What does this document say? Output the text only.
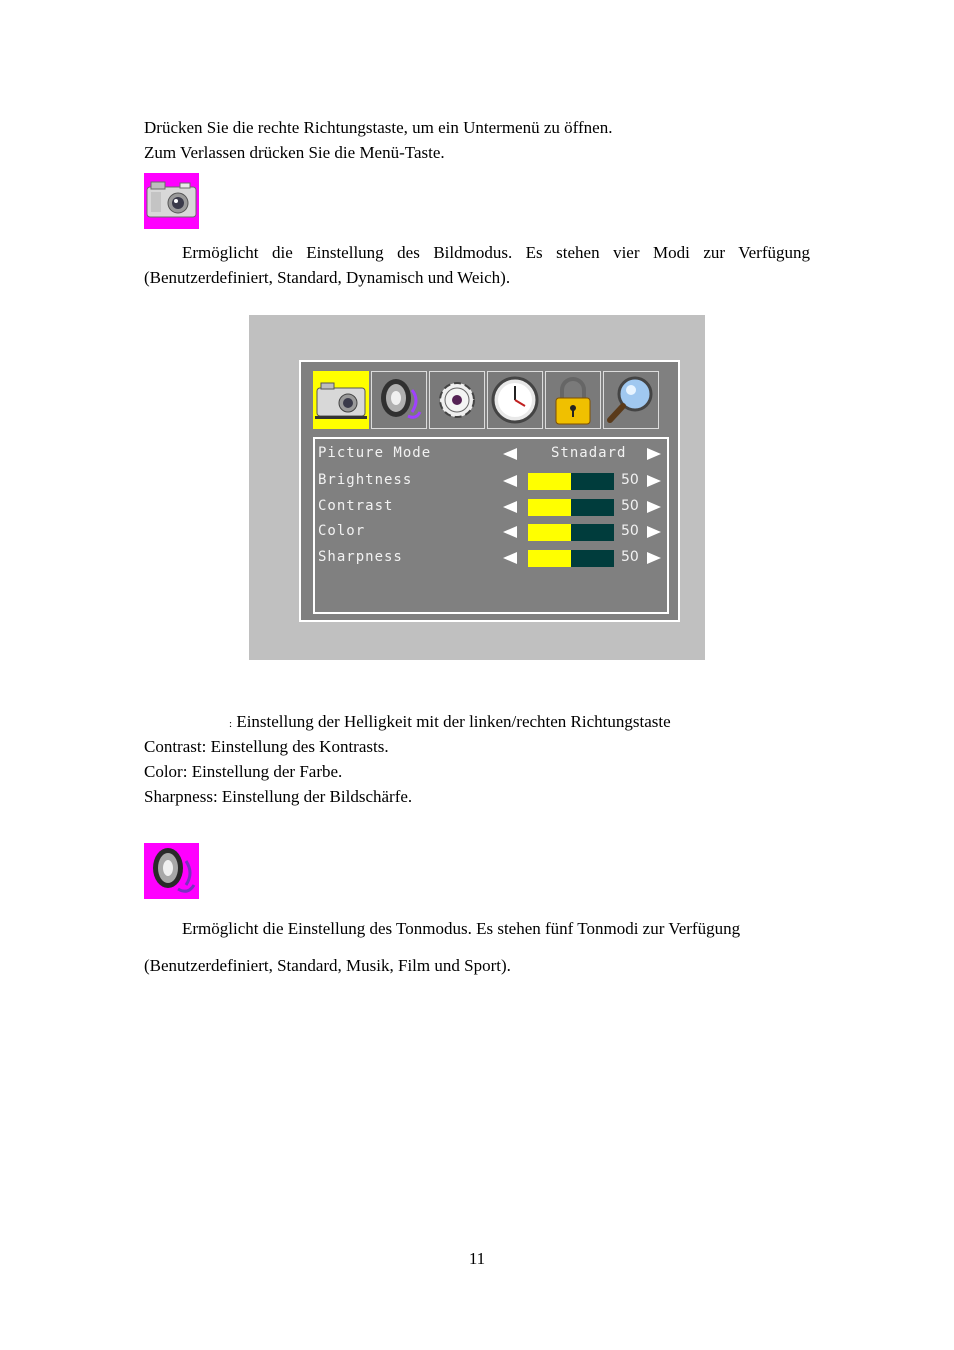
Drücken Sie die rechte Richtungstaste, um ein Untermenü zu öffnen.
Zum Verlassen drücken Sie die Menü-Taste.
Ermöglicht die Einstellung des Bildmodus. Es stehen vier Modi zur Verfügung (Benutzerdefiniert, Standard, Dynamisch und Weich).
Picture Mode	Stnadard
Brightness	50
Contrast	50
Color	50
Sharpness	50
: Einstellung der Helligkeit mit der linken/rechten Richtungstaste
Contrast: Einstellung des Kontrasts.
Color: Einstellung der Farbe.
Sharpness: Einstellung der Bildschärfe.
Ermöglicht die Einstellung des Tonmodus. Es stehen fünf Tonmodi zur Verfügung
(Benutzerdefiniert, Standard, Musik, Film und Sport).
11
